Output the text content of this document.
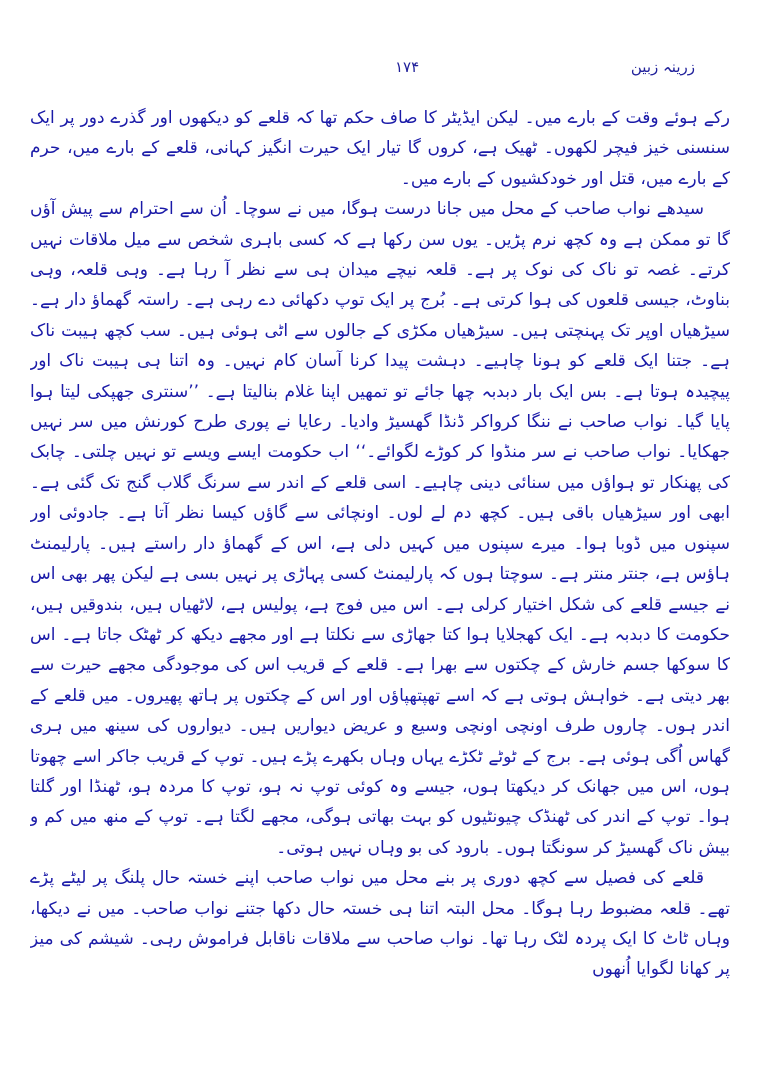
۱۷۴	زرینہ زبین

رکے ہوئے وقت کے بارے میں۔ لیکن ایڈیٹر کا صاف حکم تھا کہ قلعے کو دیکھوں اور گذرے دور پر ایک سنسنی خیز فیچر لکھوں۔ ٹھیک ہے، کروں گا تیار ایک حیرت انگیز کہانی، قلعے کے بارے میں، حرم کے بارے میں، قتل اور خودکشیوں کے بارے میں۔

سیدھے نواب صاحب کے محل میں جانا درست ہوگا، میں نے سوچا۔ اُن سے احترام سے پیش آؤں گا تو ممکن ہے وہ کچھ نرم پڑیں۔ یوں سن رکھا ہے کہ کسی باہری شخص سے میل ملاقات نہیں کرتے۔ غصہ تو ناک کی نوک پر ہے۔ قلعہ نیچے میدان ہی سے نظر آ رہا ہے۔ وہی قلعہ، وہی بناوٹ، جیسی قلعوں کی ہوا کرتی ہے۔ بُرج پر ایک توپ دکھائی دے رہی ہے۔ راستہ گھماؤ دار ہے۔ سیڑھیاں اوپر تک پہنچتی ہیں۔ سیڑھیاں مکڑی کے جالوں سے اٹی ہوئی ہیں۔ سب کچھ ہیبت ناک ہے۔ جتنا ایک قلعے کو ہونا چاہیے۔ دہشت پیدا کرنا آسان کام نہیں۔ وہ اتنا ہی ہیبت ناک اور پیچیدہ ہوتا ہے۔ بس ایک بار دبدبہ چھا جائے تو تمھیں اپنا غلام بنالیتا ہے۔ ’’سنتری جھپکی لیتا ہوا پایا گیا۔ نواب صاحب نے ننگا کرواکر ڈنڈا گھسیڑ وادیا۔ رعایا نے پوری طرح کورنش میں سر نہیں جھکایا۔ نواب صاحب نے سر منڈوا کر کوڑے لگوائے۔‘‘ اب حکومت ایسے ویسے تو نہیں چلتی۔ چابک کی پھنکار تو ہواؤں میں سنائی دینی چاہیے۔ اسی قلعے کے اندر سے سرنگ گلاب گنج تک گئی ہے۔ ابھی اور سیڑھیاں باقی ہیں۔ کچھ دم لے لوں۔ اونچائی سے گاؤں کیسا نظر آتا ہے۔ جادوئی اور سپنوں میں ڈوبا ہوا۔ میرے سپنوں میں کہیں دلی ہے، اس کے گھماؤ دار راستے ہیں۔ پارلیمنٹ ہاؤس ہے، جنتر منتر ہے۔ سوچتا ہوں کہ پارلیمنٹ کسی پہاڑی پر نہیں بسی ہے لیکن پھر بھی اس نے جیسے قلعے کی شکل اختیار کرلی ہے۔ اس میں فوج ہے، پولیس ہے، لاٹھیاں ہیں، بندوقیں ہیں، حکومت کا دبدبہ ہے۔ ایک کھجلایا ہوا کتا جھاڑی سے نکلتا ہے اور مجھے دیکھ کر ٹھٹک جاتا ہے۔ اس کا سوکھا جسم خارش کے چکتوں سے بھرا ہے۔ قلعے کے قریب اس کی موجودگی مجھے حیرت سے بھر دیتی ہے۔ خواہش ہوتی ہے کہ اسے تھپتھپاؤں اور اس کے چکتوں پر ہاتھ پھیروں۔ میں قلعے کے اندر ہوں۔ چاروں طرف اونچی اونچی وسیع و عریض دیواریں ہیں۔ دیواروں کی سینھ میں ہری گھاس اُگی ہوئی ہے۔ برج کے ٹوٹے ٹکڑے یہاں وہاں بکھرے پڑے ہیں۔ توپ کے قریب جاکر اسے چھوتا ہوں، اس میں جھانک کر دیکھتا ہوں، جیسے وہ کوئی توپ نہ ہو، توپ کا مردہ ہو، ٹھنڈا اور گلتا ہوا۔ توپ کے اندر کی ٹھنڈک چیونٹیوں کو بہت بھاتی ہوگی، مجھے لگتا ہے۔ توپ کے منھ میں کم و بیش ناک گھسیڑ کر سونگتا ہوں۔ بارود کی بو وہاں نہیں ہوتی۔

قلعے کی فصیل سے کچھ دوری پر بنے محل میں نواب صاحب اپنے خستہ حال پلنگ پر لیٹے پڑے تھے۔ قلعہ مضبوط رہا ہوگا۔ محل البتہ اتنا ہی خستہ حال دکھا جتنے نواب صاحب۔ میں نے دیکھا، وہاں ٹاٹ کا ایک پردہ لٹک رہا تھا۔ نواب صاحب سے ملاقات ناقابل فراموش رہی۔ شیشم کی میز پر کھانا لگوایا اُنھوں
